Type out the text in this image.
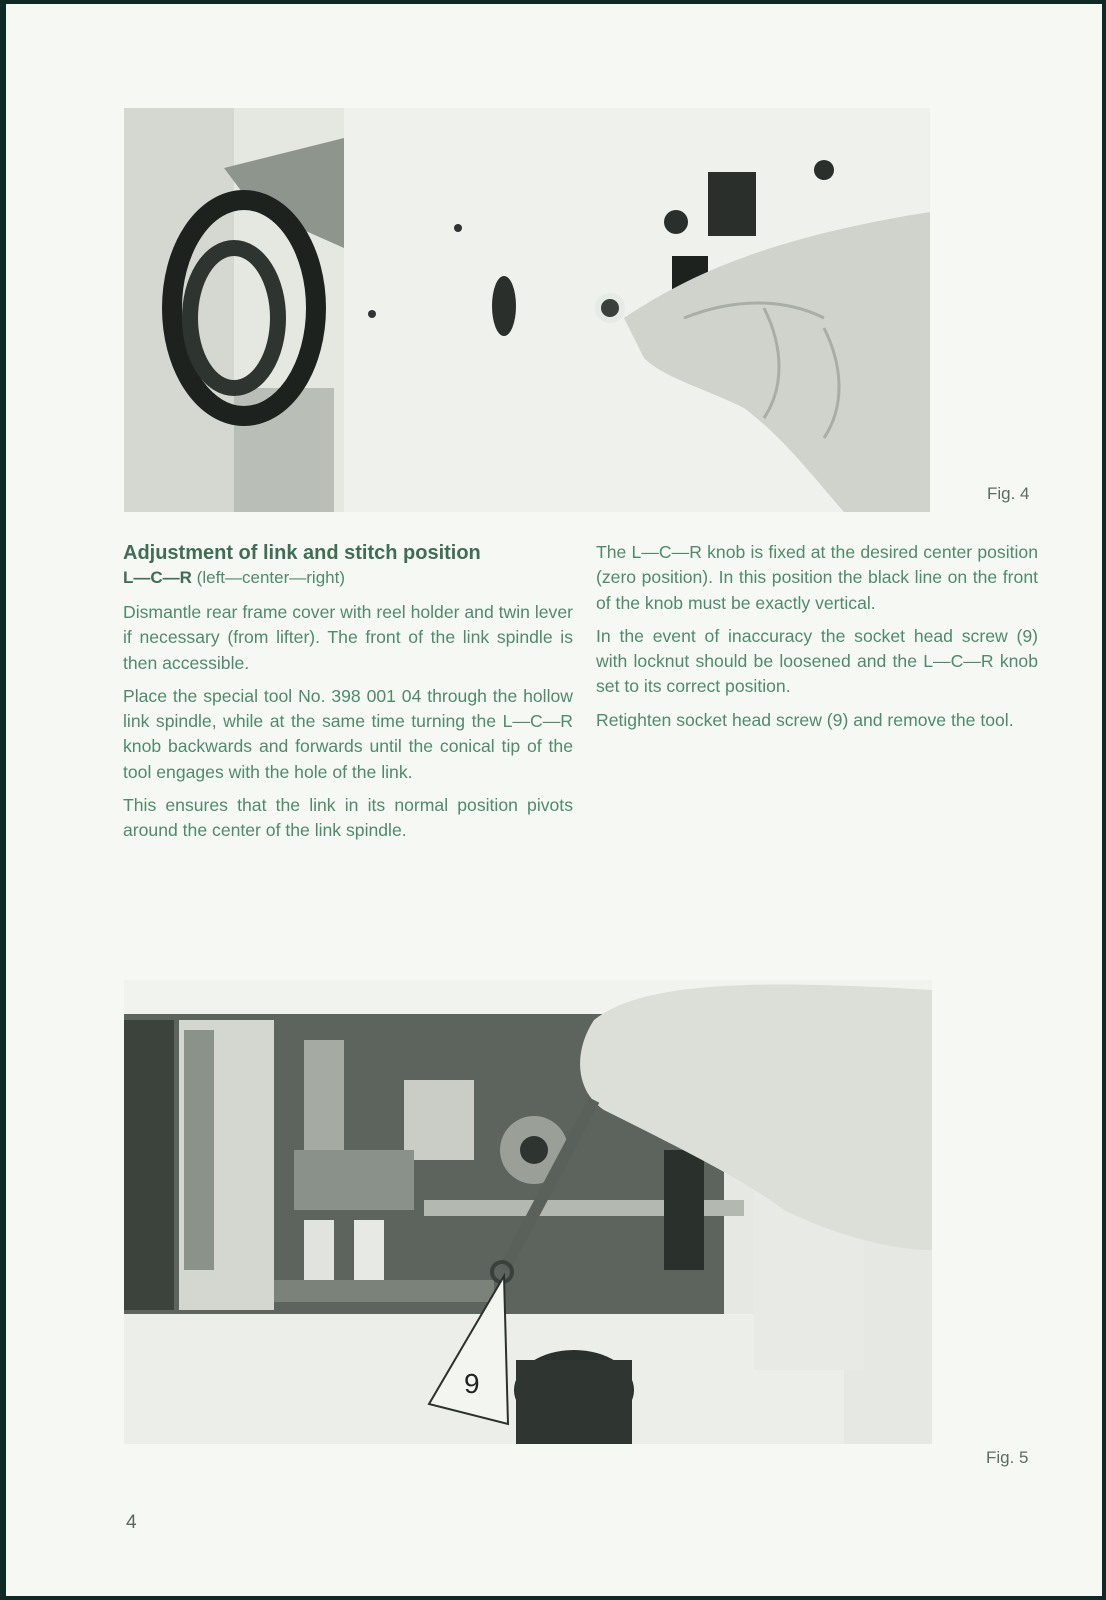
Fig. 4
Adjustment of link and stitch position
L—C—R (left—center—right)

Dismantle rear frame cover with reel holder and twin lever if necessary (from lifter). The front of the link spindle is then accessible.

Place the special tool No. 398 001 04 through the hollow link spindle, while at the same time turning the L—C—R knob backwards and forwards until the conical tip of the tool engages with the hole of the link.

This ensures that the link in its normal position pivots around the center of the link spindle.

The L—C—R knob is fixed at the desired center position (zero position). In this position the black line on the front of the knob must be exactly vertical.

In the event of inaccuracy the socket head screw (9) with locknut should be loosened and the L—C—R knob set to its correct position.

Retighten socket head screw (9) and remove the tool.

9
Fig. 5
4
